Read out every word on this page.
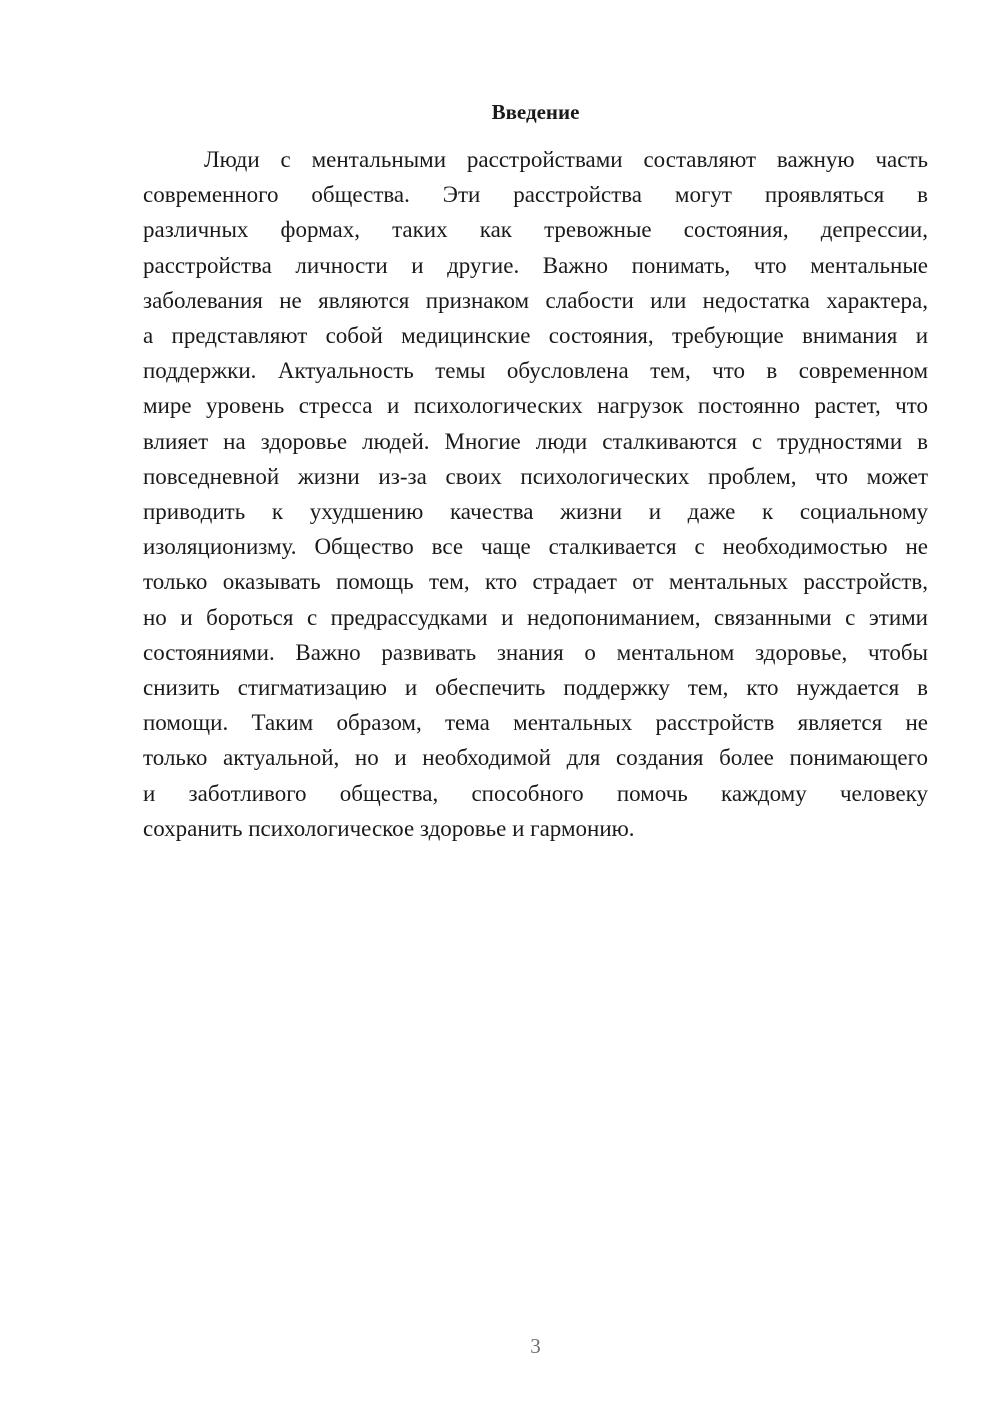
Введение
Люди с ментальными расстройствами составляют важную часть
современного общества. Эти расстройства могут проявляться в
различных формах, таких как тревожные состояния, депрессии,
расстройства личности и другие. Важно понимать, что ментальные
заболевания не являются признаком слабости или недостатка характера,
а представляют собой медицинские состояния, требующие внимания и
поддержки. Актуальность темы обусловлена тем, что в современном
мире уровень стресса и психологических нагрузок постоянно растет, что
влияет на здоровье людей. Многие люди сталкиваются с трудностями в
повседневной жизни из-за своих психологических проблем, что может
приводить к ухудшению качества жизни и даже к социальному
изоляционизму. Общество все чаще сталкивается с необходимостью не
только оказывать помощь тем, кто страдает от ментальных расстройств,
но и бороться с предрассудками и недопониманием, связанными с этими
состояниями. Важно развивать знания о ментальном здоровье, чтобы
снизить стигматизацию и обеспечить поддержку тем, кто нуждается в
помощи. Таким образом, тема ментальных расстройств является не
только актуальной, но и необходимой для создания более понимающего
и заботливого общества, способного помочь каждому человеку
сохранить психологическое здоровье и гармонию.
3
